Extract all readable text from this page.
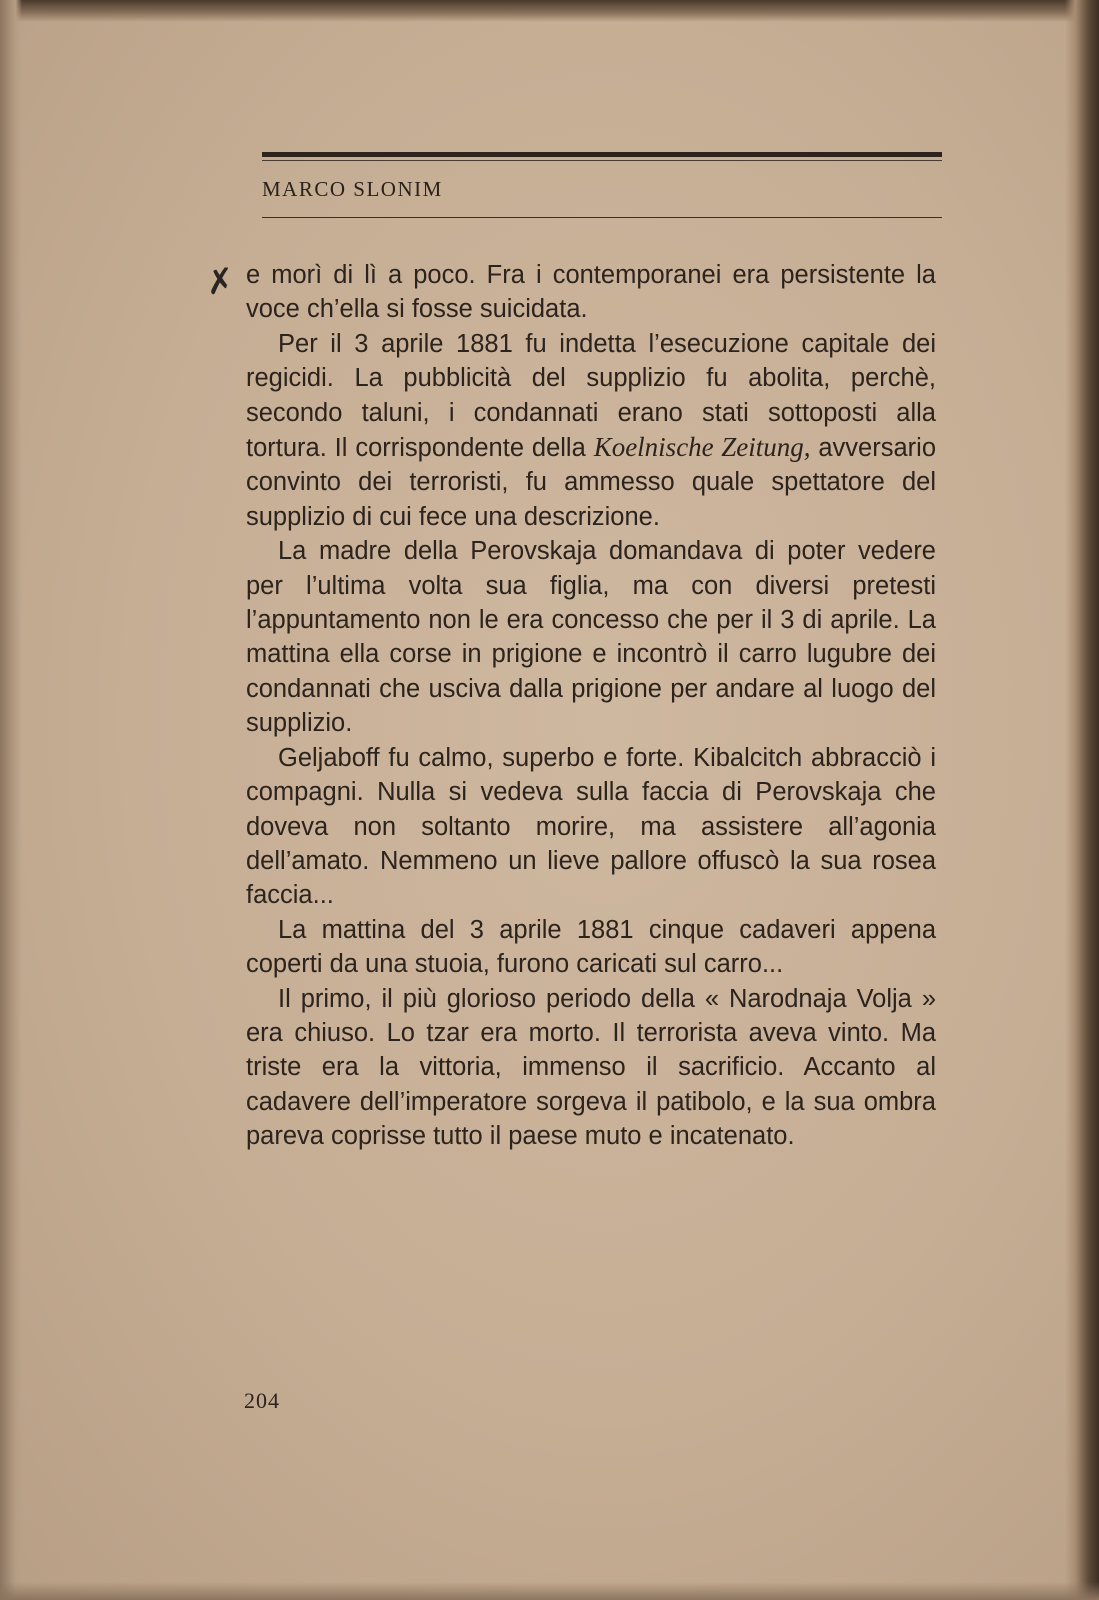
MARCO SLONIM
✗ e morì di lì a poco. Fra i contemporanei era persistente la voce ch’ella si fosse suicidata.

Per il 3 aprile 1881 fu indetta l’esecuzione capitale dei regicidi. La pubblicità del supplizio fu abolita, perchè, secondo taluni, i condannati erano stati sottoposti alla tortura. Il corrispondente della Koelnische Zeitung, avversario convinto dei terroristi, fu ammesso quale spettatore del supplizio di cui fece una descrizione.

La madre della Perovskaja domandava di poter vedere per l’ultima volta sua figlia, ma con diversi pretesti l’appuntamento non le era concesso che per il 3 di aprile. La mattina ella corse in prigione e incontrò il carro lugubre dei condannati che usciva dalla prigione per andare al luogo del supplizio.

Geljaboff fu calmo, superbo e forte. Kibalcitch abbracciò i compagni. Nulla si vedeva sulla faccia di Perovskaja che doveva non soltanto morire, ma assistere all’agonia dell’amato. Nemmeno un lieve pallore offuscò la sua rosea faccia...

La mattina del 3 aprile 1881 cinque cadaveri appena coperti da una stuoia, furono caricati sul carro...

Il primo, il più glorioso periodo della « Narodnaja Volja » era chiuso. Lo tzar era morto. Il terrorista aveva vinto. Ma triste era la vittoria, immenso il sacrificio. Accanto al cadavere dell’imperatore sorgeva il patibolo, e la sua ombra pareva coprisse tutto il paese muto e incatenato.

204
